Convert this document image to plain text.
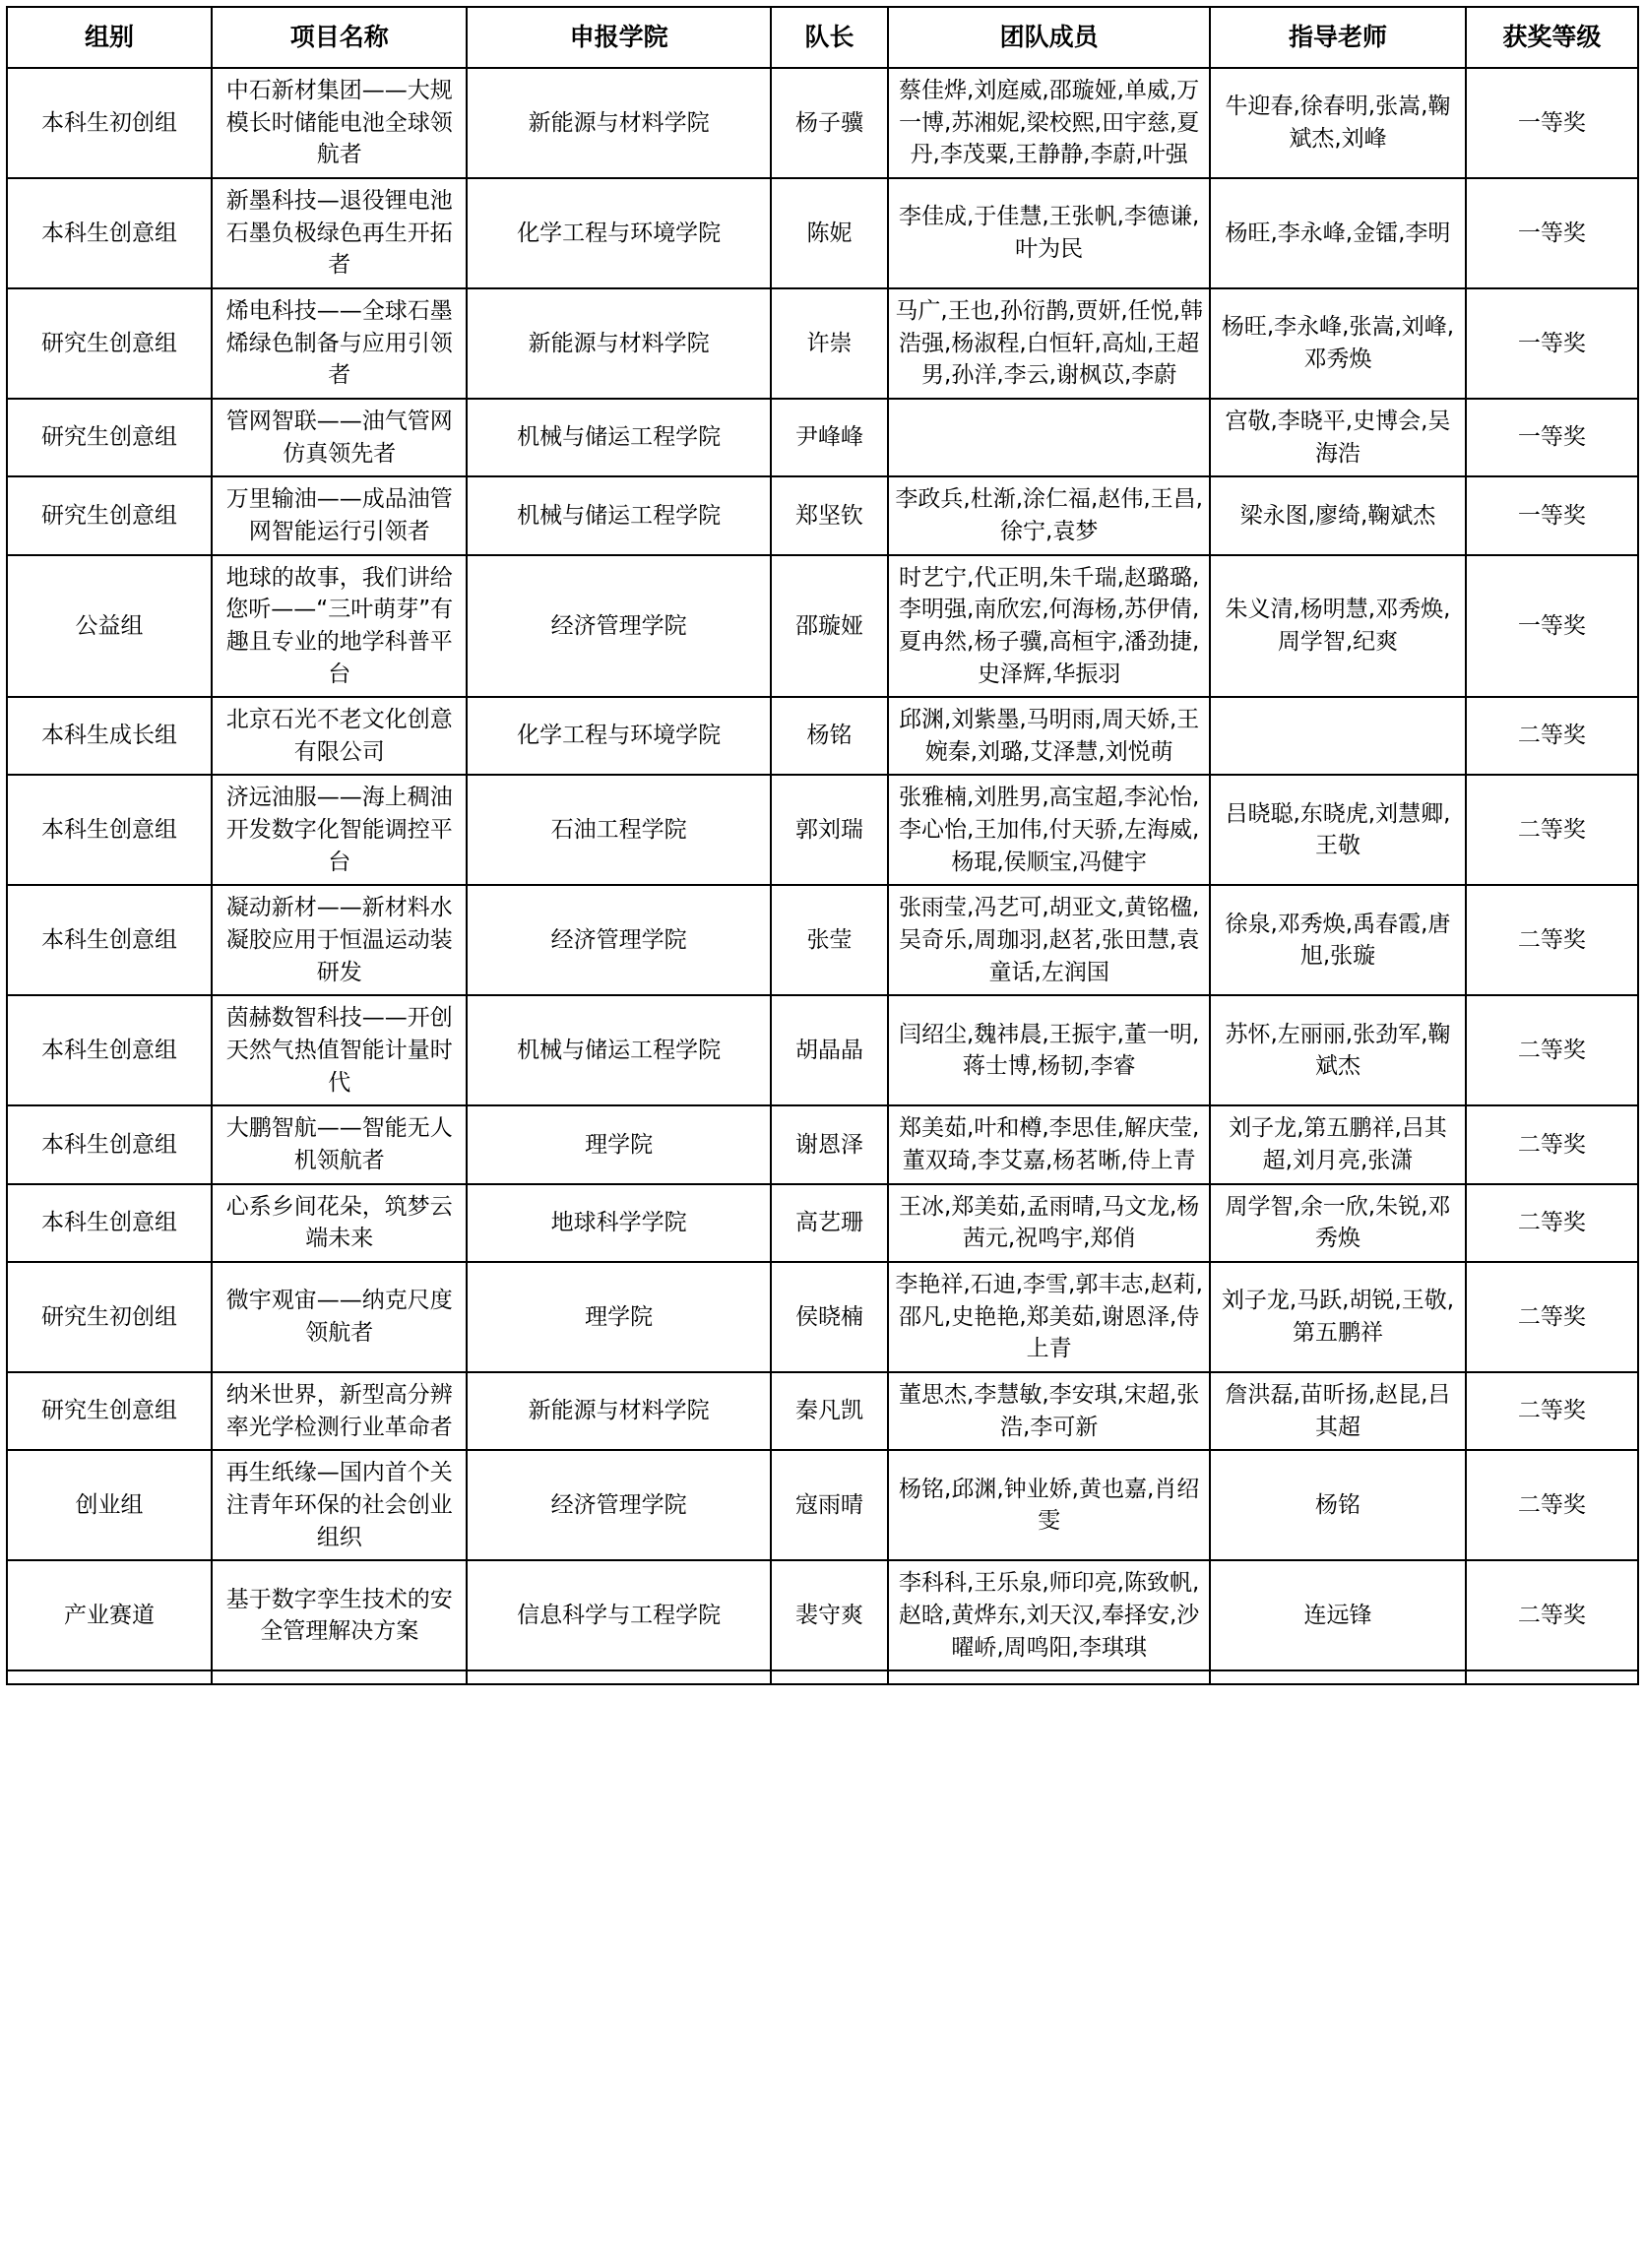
组别	项目名称	申报学院	队长	团队成员	指导老师	获奖等级
本科生初创组	中石新材集团——大规模长时储能电池全球领航者	新能源与材料学院	杨子骥	蔡佳烨,刘庭威,邵璇娅,单威,万一博,苏湘妮,梁校熙,田宇慈,夏丹,李茂粟,王静静,李蔚,叶强	牛迎春,徐春明,张嵩,鞠斌杰,刘峰	一等奖
本科生创意组	新墨科技—退役锂电池石墨负极绿色再生开拓者	化学工程与环境学院	陈妮	李佳成,于佳慧,王张帆,李德谦,叶为民	杨旺,李永峰,金镭,李明	一等奖
研究生创意组	烯电科技——全球石墨烯绿色制备与应用引领者	新能源与材料学院	许崇	马广,王也,孙衍鹊,贾妍,任悦,韩浩强,杨淑程,白恒轩,高灿,王超男,孙洋,李云,谢枫苡,李蔚	杨旺,李永峰,张嵩,刘峰,邓秀焕	一等奖
研究生创意组	管网智联——油气管网仿真领先者	机械与储运工程学院	尹峰峰		宫敬,李晓平,史博会,吴海浩	一等奖
研究生创意组	万里输油——成品油管网智能运行引领者	机械与储运工程学院	郑坚钦	李政兵,杜渐,涂仁福,赵伟,王昌,徐宁,袁梦	梁永图,廖绮,鞠斌杰	一等奖
公益组	地球的故事，我们讲给您听——“三叶萌芽”有趣且专业的地学科普平台	经济管理学院	邵璇娅	时艺宁,代正明,朱千瑞,赵璐璐,李明强,南欣宏,何海杨,苏伊倩,夏冉然,杨子骥,高桓宇,潘劲捷,史泽辉,华振羽	朱义清,杨明慧,邓秀焕,周学智,纪爽	一等奖
本科生成长组	北京石光不老文化创意有限公司	化学工程与环境学院	杨铭	邱渊,刘紫墨,马明雨,周天娇,王婉秦,刘璐,艾泽慧,刘悦萌		二等奖
本科生创意组	济远油服——海上稠油开发数字化智能调控平台	石油工程学院	郭刘瑞	张雅楠,刘胜男,高宝超,李沁怡,李心怡,王加伟,付天骄,左海威,杨琨,侯顺宝,冯健宇	吕晓聪,东晓虎,刘慧卿,王敬	二等奖
本科生创意组	凝动新材——新材料水凝胶应用于恒温运动装研发	经济管理学院	张莹	张雨莹,冯艺可,胡亚文,黄铭楹,吴奇乐,周珈羽,赵茗,张田慧,袁童话,左润国	徐泉,邓秀焕,禹春霞,唐旭,张璇	二等奖
本科生创意组	茵赫数智科技——开创天然气热值智能计量时代	机械与储运工程学院	胡晶晶	闫绍尘,魏祎晨,王振宇,董一明,蒋士博,杨韧,李睿	苏怀,左丽丽,张劲军,鞠斌杰	二等奖
本科生创意组	大鹏智航——智能无人机领航者	理学院	谢恩泽	郑美茹,叶和樽,李思佳,解庆莹,董双琦,李艾嘉,杨茗晰,侍上青	刘子龙,第五鹏祥,吕其超,刘月亮,张潇	二等奖
本科生创意组	心系乡间花朵，筑梦云端未来	地球科学学院	高艺珊	王冰,郑美茹,孟雨晴,马文龙,杨茜元,祝鸣宇,郑俏	周学智,余一欣,朱锐,邓秀焕	二等奖
研究生初创组	微宇观宙——纳克尺度领航者	理学院	侯晓楠	李艳祥,石迪,李雪,郭丰志,赵莉,邵凡,史艳艳,郑美茹,谢恩泽,侍上青	刘子龙,马跃,胡锐,王敬,第五鹏祥	二等奖
研究生创意组	纳米世界，新型高分辨率光学检测行业革命者	新能源与材料学院	秦凡凯	董思杰,李慧敏,李安琪,宋超,张浩,李可新	詹洪磊,苗昕扬,赵昆,吕其超	二等奖
创业组	再生纸缘—国内首个关注青年环保的社会创业组织	经济管理学院	寇雨晴	杨铭,邱渊,钟业娇,黄也嘉,肖绍雯	杨铭	二等奖
产业赛道	基于数字孪生技术的安全管理解决方案	信息科学与工程学院	裴守爽	李科科,王乐泉,师印亮,陈致帆,赵晗,黄烨东,刘天汉,奉择安,沙曜峤,周鸣阳,李琪琪	连远锋	二等奖
